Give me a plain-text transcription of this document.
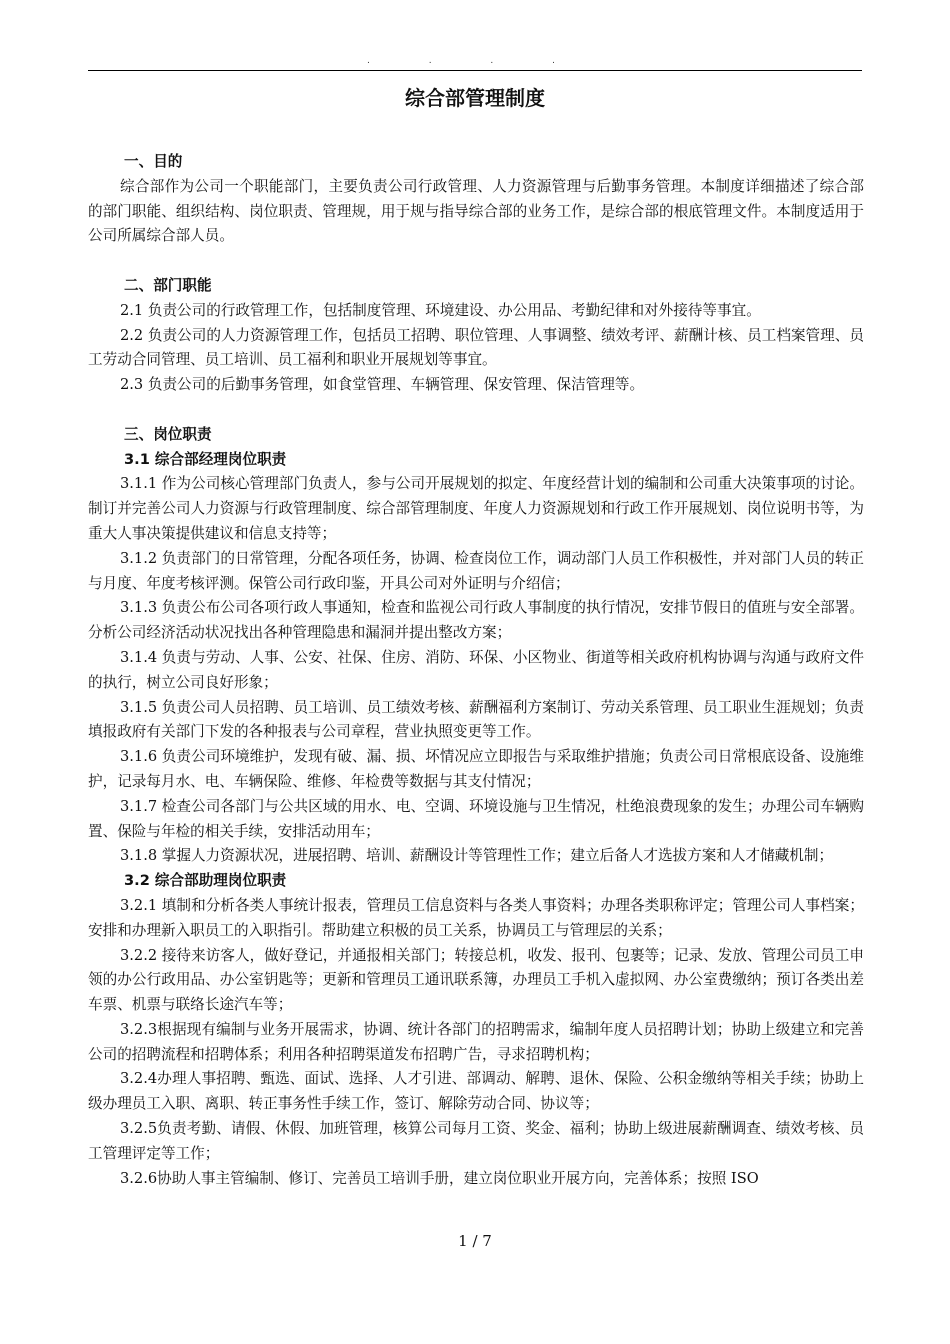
. . . .
综合部管理制度
一、目的
综合部作为公司一个职能部门，主要负责公司行政管理、人力资源管理与后勤事务管理。本制度详细描述了综合部的部门职能、组织结构、岗位职责、管理规，用于规与指导综合部的业务工作，是综合部的根底管理文件。本制度适用于公司所属综合部人员。
二、部门职能
2.1 负责公司的行政管理工作，包括制度管理、环境建设、办公用品、考勤纪律和对外接待等事宜。
2.2 负责公司的人力资源管理工作，包括员工招聘、职位管理、人事调整、绩效考评、薪酬计核、员工档案管理、员工劳动合同管理、员工培训、员工福利和职业开展规划等事宜。
2.3 负责公司的后勤事务管理，如食堂管理、车辆管理、保安管理、保洁管理等。
三、岗位职责
3.1 综合部经理岗位职责
3.1.1 作为公司核心管理部门负责人，参与公司开展规划的拟定、年度经营计划的编制和公司重大决策事项的讨论。制订并完善公司人力资源与行政管理制度、综合部管理制度、年度人力资源规划和行政工作开展规划、岗位说明书等，为重大人事决策提供建议和信息支持等；
3.1.2 负责部门的日常管理，分配各项任务，协调、检查岗位工作，调动部门人员工作积极性，并对部门人员的转正与月度、年度考核评测。保管公司行政印鉴，开具公司对外证明与介绍信；
3.1.3 负责公布公司各项行政人事通知，检查和监视公司行政人事制度的执行情况，安排节假日的值班与安全部署。分析公司经济活动状况找出各种管理隐患和漏洞并提出整改方案；
3.1.4 负责与劳动、人事、公安、社保、住房、消防、环保、小区物业、街道等相关政府机构协调与沟通与政府文件的执行，树立公司良好形象；
3.1.5 负责公司人员招聘、员工培训、员工绩效考核、薪酬福利方案制订、劳动关系管理、员工职业生涯规划；负责填报政府有关部门下发的各种报表与公司章程，营业执照变更等工作。
3.1.6 负责公司环境维护，发现有破、漏、损、坏情况应立即报告与采取维护措施；负责公司日常根底设备、设施维护，记录每月水、电、车辆保险、维修、年检费等数据与其支付情况；
3.1.7 检查公司各部门与公共区域的用水、电、空调、环境设施与卫生情况，杜绝浪费现象的发生；办理公司车辆购置、保险与年检的相关手续，安排活动用车；
3.1.8 掌握人力资源状况，进展招聘、培训、薪酬设计等管理性工作；建立后备人才选拔方案和人才储藏机制；
3.2 综合部助理岗位职责
3.2.1 填制和分析各类人事统计报表，管理员工信息资料与各类人事资料；办理各类职称评定；管理公司人事档案；安排和办理新入职员工的入职指引。帮助建立积极的员工关系，协调员工与管理层的关系；
3.2.2 接待来访客人，做好登记，并通报相关部门；转接总机，收发、报刊、包裹等；记录、发放、管理公司员工申领的办公行政用品、办公室钥匙等；更新和管理员工通讯联系簿，办理员工手机入虚拟网、办公室费缴纳；预订各类出差车票、机票与联络长途汽车等；
3.2.3根据现有编制与业务开展需求，协调、统计各部门的招聘需求，编制年度人员招聘计划；协助上级建立和完善公司的招聘流程和招聘体系；利用各种招聘渠道发布招聘广告，寻求招聘机构；
3.2.4办理人事招聘、甄选、面试、选择、人才引进、部调动、解聘、退休、保险、公积金缴纳等相关手续；协助上级办理员工入职、离职、转正事务性手续工作，签订、解除劳动合同、协议等；
3.2.5负责考勤、请假、休假、加班管理，核算公司每月工资、奖金、福利；协助上级进展薪酬调查、绩效考核、员工管理评定等工作；
3.2.6协助人事主管编制、修订、完善员工培训手册，建立岗位职业开展方向，完善体系；按照 ISO
1 / 7
